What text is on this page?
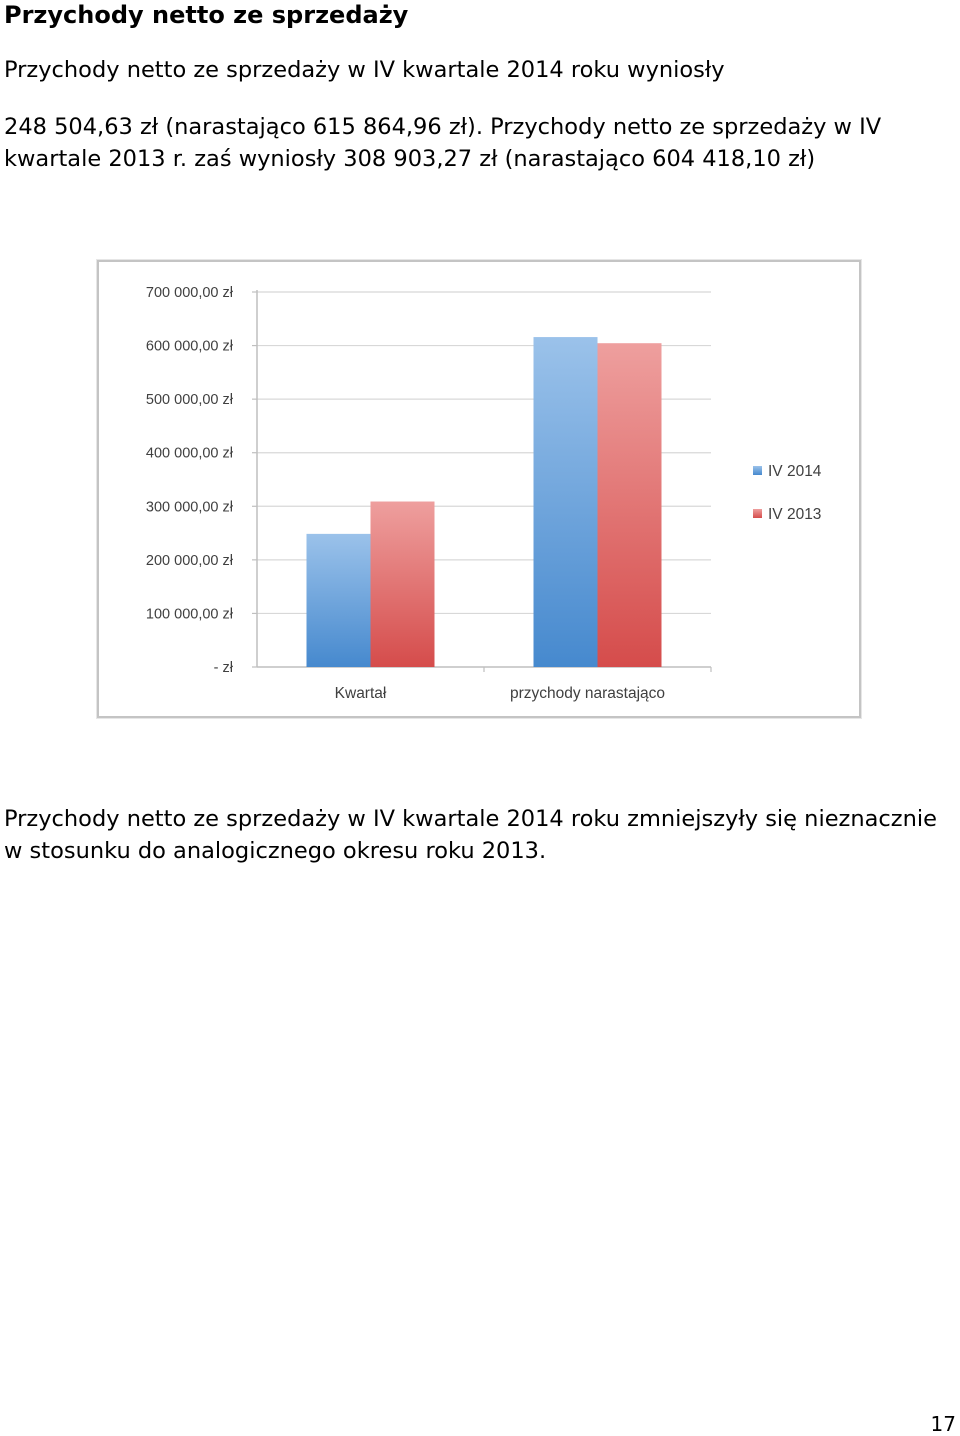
Przychody netto ze sprzedaży

Przychody netto ze sprzedaży w IV kwartale 2014 roku wyniosły

248 504,63 zł (narastająco 615 864,96 zł). Przychody netto ze sprzedaży w IV kwartale 2013 r. zaś wyniosły 308 903,27 zł (narastająco 604 418,10 zł)

- zł
100 000,00 zł
200 000,00 zł
300 000,00 zł
400 000,00 zł
500 000,00 zł
600 000,00 zł
700 000,00 zł
Kwartał	przychody narastająco
IV 2014
IV 2013

Przychody netto ze sprzedaży w IV kwartale 2014 roku zmniejszyły się nieznacznie w stosunku do analogicznego okresu roku 2013.

17
